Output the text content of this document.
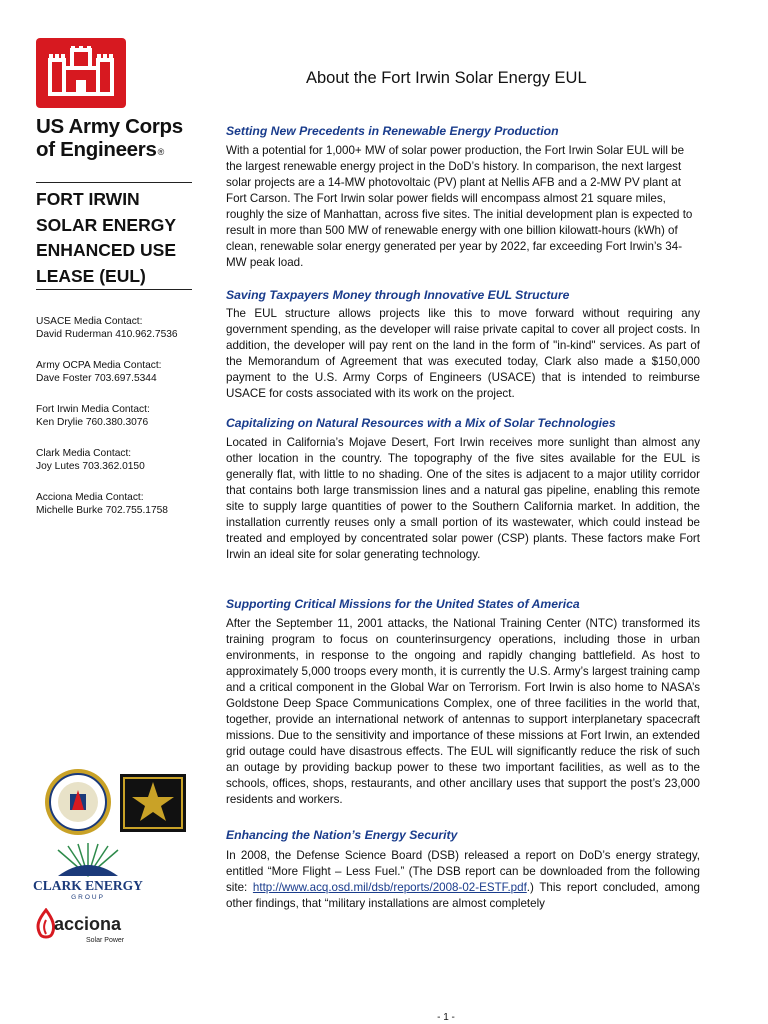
US Army Corps
of Engineers®
FORT IRWIN
SOLAR ENERGY
ENHANCED USE
LEASE (EUL)
USACE Media Contact:
David Ruderman 410.962.7536
Army OCPA Media Contact:
Dave Foster 703.697.5344
Fort Irwin Media Contact:
Ken Drylie 760.380.3076
Clark Media Contact:
Joy Lutes 703.362.0150
Acciona Media Contact:
Michelle Burke 702.755.1758
CLARK ENERGY
GROUP
acciona
Solar Power
About the Fort Irwin Solar Energy EUL
Setting New Precedents in Renewable Energy Production
With a potential for 1,000+ MW of solar power production, the Fort Irwin Solar EUL will be the largest renewable energy project in the DoD’s history. In comparison, the next largest solar projects are a 14-MW photovoltaic (PV) plant at Nellis AFB and a 2-MW PV plant at Fort Carson. The Fort Irwin solar power fields will encompass almost 21 square miles, roughly the size of Manhattan, across five sites. The initial development plan is expected to result in more than 500 MW of renewable energy with one billion kilowatt-hours (kWh) of clean, renewable solar energy generated per year by 2022, far exceeding Fort Irwin’s 34-MW peak load.
Saving Taxpayers Money through Innovative EUL Structure
The EUL structure allows projects like this to move forward without requiring any government spending, as the developer will raise private capital to cover all project costs. In addition, the developer will pay rent on the land in the form of "in-kind" services. As part of the Memorandum of Agreement that was executed today, Clark also made a $150,000 payment to the U.S. Army Corps of Engineers (USACE) that is intended to reimburse USACE for costs associated with its work on the project.
Capitalizing on Natural Resources with a Mix of Solar Technologies
Located in California’s Mojave Desert, Fort Irwin receives more sunlight than almost any other location in the country. The topography of the five sites available for the EUL is generally flat, with little to no shading. One of the sites is adjacent to a major utility corridor that contains both large transmission lines and a natural gas pipeline, enabling this remote site to supply large quantities of power to the Southern California market. In addition, the installation currently reuses only a small portion of its wastewater, which could instead be treated and employed by concentrated solar power (CSP) plants. These factors make Fort Irwin an ideal site for solar generating technology.
Supporting Critical Missions for the United States of America
After the September 11, 2001 attacks, the National Training Center (NTC) transformed its training program to focus on counterinsurgency operations, including those in urban environments, in response to the ongoing and rapidly changing battlefield. As host to approximately 5,000 troops every month, it is currently the U.S. Army’s largest training camp and a critical component in the Global War on Terrorism. Fort Irwin is also home to NASA’s Goldstone Deep Space Communications Complex, one of three facilities in the world that, together, provide an international network of antennas to support interplanetary spacecraft missions. Due to the sensitivity and importance of these missions at Fort Irwin, an extended grid outage could have disastrous effects. The EUL will significantly reduce the risk of such an outage by providing backup power to these two important facilities, as well as to the schools, offices, shops, restaurants, and other ancillary uses that support the post’s 23,000 residents and workers.
Enhancing the Nation’s Energy Security
In 2008, the Defense Science Board (DSB) released a report on DoD’s energy strategy, entitled “More Flight – Less Fuel.” (The DSB report can be downloaded from the following site: http://www.acq.osd.mil/dsb/reports/2008-02-ESTF.pdf.) This report concluded, among other findings, that “military installations are almost completely
- 1 -
